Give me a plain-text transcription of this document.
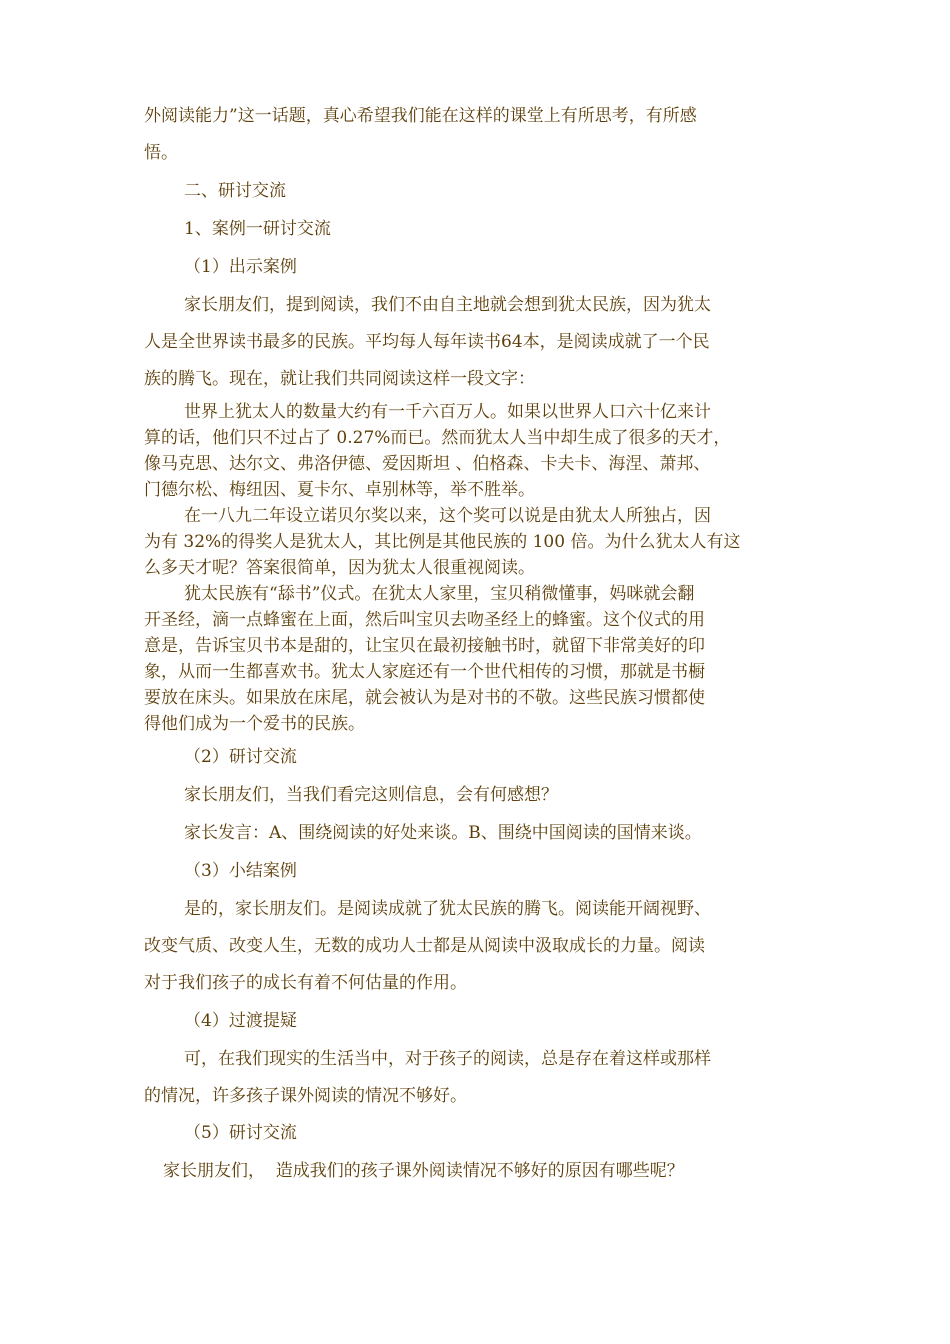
外阅读能力”这一话题，真心希望我们能在这样的课堂上有所思考，有所感
悟。

二、研讨交流

1、案例一研讨交流

（1）出示案例

家长朋友们，提到阅读，我们不由自主地就会想到犹太民族，因为犹太
人是全世界读书最多的民族。平均每人每年读书64本，是阅读成就了一个民
族的腾飞。现在，就让我们共同阅读这样一段文字：

世界上犹太人的数量大约有一千六百万人。如果以世界人口六十亿来计
算的话，他们只不过占了 0.27%而已。然而犹太人当中却生成了很多的天才，
像马克思、达尔文、弗洛伊德、爱因斯坦 、伯格森、卡夫卡、海涅、萧邦、
门德尔松、梅纽因、夏卡尔、卓别林等，举不胜举。

在一八九二年设立诺贝尔奖以来，这个奖可以说是由犹太人所独占，因
为有 32%的得奖人是犹太人，其比例是其他民族的 100 倍。为什么犹太人有这
么多天才呢？答案很简单，因为犹太人很重视阅读。

犹太民族有“舔书”仪式。在犹太人家里，宝贝稍微懂事，妈咪就会翻
开圣经，滴一点蜂蜜在上面，然后叫宝贝去吻圣经上的蜂蜜。这个仪式的用
意是，告诉宝贝书本是甜的，让宝贝在最初接触书时，就留下非常美好的印
象，从而一生都喜欢书。犹太人家庭还有一个世代相传的习惯，那就是书橱
要放在床头。如果放在床尾，就会被认为是对书的不敬。这些民族习惯都使
得他们成为一个爱书的民族。

（2）研讨交流

家长朋友们，当我们看完这则信息，会有何感想？

家长发言：A、围绕阅读的好处来谈。B、围绕中国阅读的国情来谈。

（3）小结案例

是的，家长朋友们。是阅读成就了犹太民族的腾飞。阅读能开阔视野、
改变气质、改变人生，无数的成功人士都是从阅读中汲取成长的力量。阅读
对于我们孩子的成长有着不何估量的作用。

（4）过渡提疑

可，在我们现实的生活当中，对于孩子的阅读，总是存在着这样或那样
的情况，许多孩子课外阅读的情况不够好。

（5）研讨交流

家长朋友们，  造成我们的孩子课外阅读情况不够好的原因有哪些呢？
